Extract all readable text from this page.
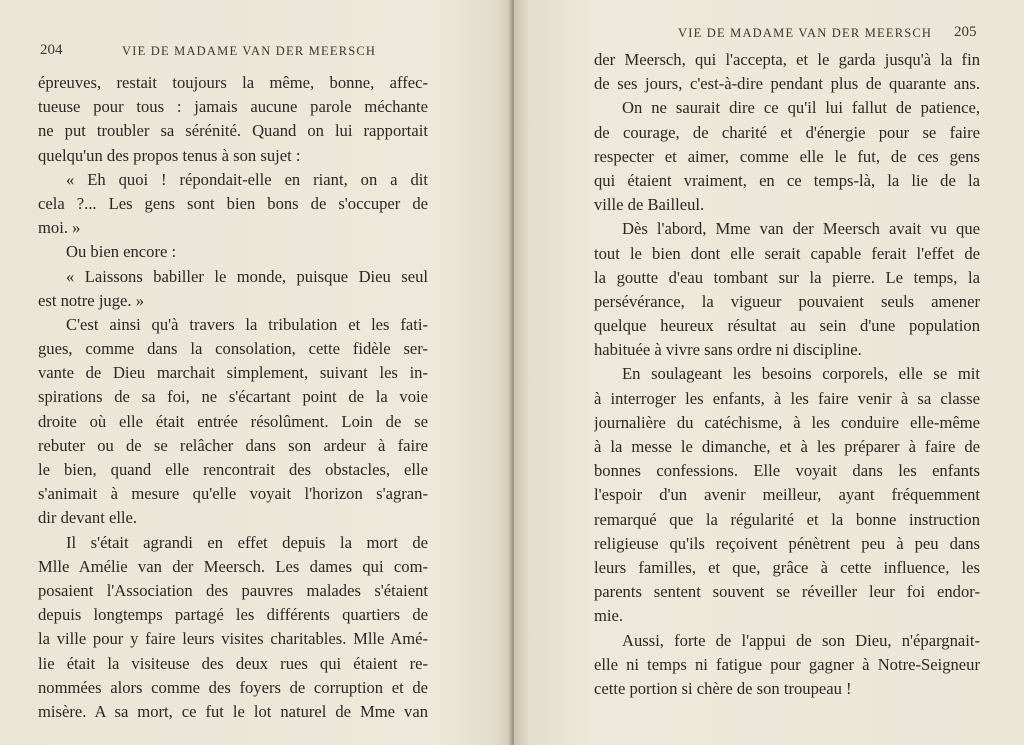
204	VIE DE MADAME VAN DER MEERSCH
épreuves, restait toujours la même, bonne, affec-
tueuse pour tous : jamais aucune parole méchante
ne put troubler sa sérénité. Quand on lui rapportait
quelqu'un des propos tenus à son sujet :
« Eh quoi ! répondait-elle en riant, on a dit
cela ?... Les gens sont bien bons de s'occuper de
moi. »
Ou bien encore :
« Laissons babiller le monde, puisque Dieu seul
est notre juge. »
C'est ainsi qu'à travers la tribulation et les fati-
gues, comme dans la consolation, cette fidèle ser-
vante de Dieu marchait simplement, suivant les in-
spirations de sa foi, ne s'écartant point de la voie
droite où elle était entrée résolûment. Loin de se
rebuter ou de se relâcher dans son ardeur à faire
le bien, quand elle rencontrait des obstacles, elle
s'animait à mesure qu'elle voyait l'horizon s'agran-
dir devant elle.
Il s'était agrandi en effet depuis la mort de
Mlle Amélie van der Meersch. Les dames qui com-
posaient l'Association des pauvres malades s'étaient
depuis longtemps partagé les différents quartiers de
la ville pour y faire leurs visites charitables. Mlle Amé-
lie était la visiteuse des deux rues qui étaient re-
nommées alors comme des foyers de corruption et de
misère. A sa mort, ce fut le lot naturel de Mme van
VIE DE MADAME VAN DER MEERSCH 205
der Meersch, qui l'accepta, et le garda jusqu'à la fin
de ses jours, c'est-à-dire pendant plus de quarante ans.
On ne saurait dire ce qu'il lui fallut de patience,
de courage, de charité et d'énergie pour se faire
respecter et aimer, comme elle le fut, de ces gens
qui étaient vraiment, en ce temps-là, la lie de la
ville de Bailleul.
Dès l'abord, Mme van der Meersch avait vu que
tout le bien dont elle serait capable ferait l'effet de
la goutte d'eau tombant sur la pierre. Le temps, la
persévérance, la vigueur pouvaient seuls amener
quelque heureux résultat au sein d'une population
habituée à vivre sans ordre ni discipline.
En soulageant les besoins corporels, elle se mit
à interroger les enfants, à les faire venir à sa classe
journalière du catéchisme, à les conduire elle-même
à la messe le dimanche, et à les préparer à faire de
bonnes confessions. Elle voyait dans les enfants
l'espoir d'un avenir meilleur, ayant fréquemment
remarqué que la régularité et la bonne instruction
religieuse qu'ils reçoivent pénètrent peu à peu dans
leurs familles, et que, grâce à cette influence, les
parents sentent souvent se réveiller leur foi endor-
mie.
Aussi, forte de l'appui de son Dieu, n'épargnait-
elle ni temps ni fatigue pour gagner à Notre-Seigneur
cette portion si chère de son troupeau !
